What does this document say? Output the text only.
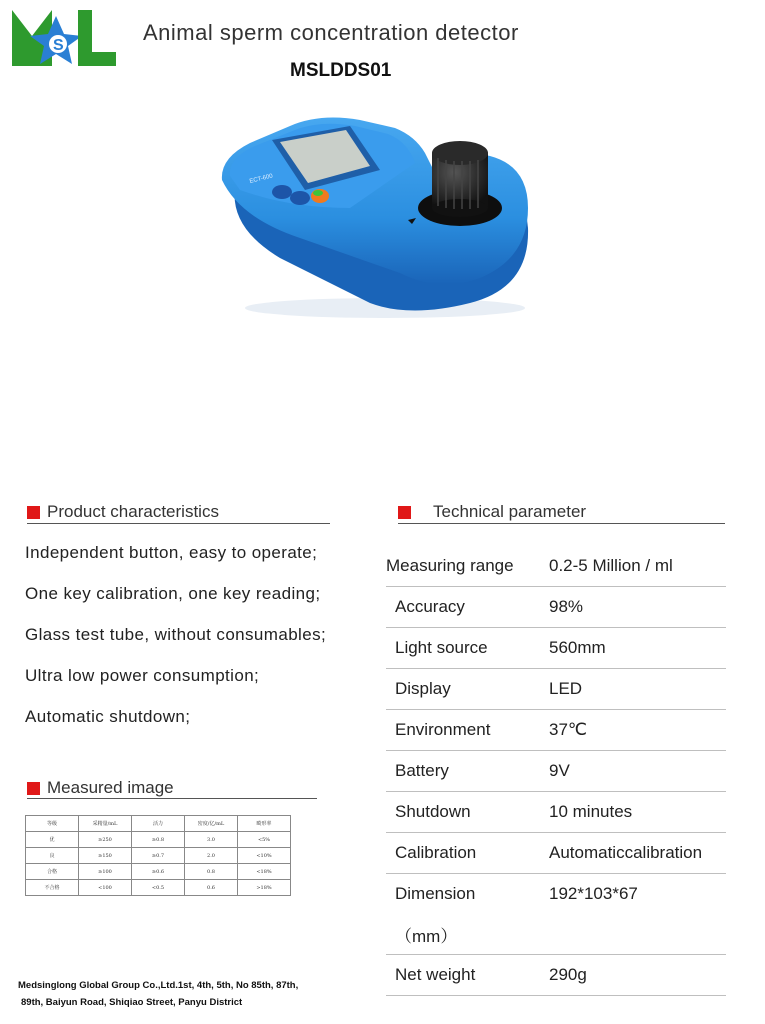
S
Animal sperm concentration detector
MSLDDS01
ECT-600
Product characteristics
Independent button, easy to operate;
One key calibration, one key reading;
Glass test tube, without consumables;
Ultra low power consumption;
Automatic shutdown;
Technical parameter
Measuring range	0.2-5 Million / ml
Accuracy	98%
Light source	560mm
Display	LED
Environment	37℃
Battery	9V
Shutdown	10 minutes
Calibration	Automaticcalibration
Dimension	192*103*67
（mm）	
Net weight	290g
Measured image
等级	采精量/mL	活力	密度/亿/mL	畸形率
优	≥250	≥0.8	3.0	<5%
良	≥150	≥0.7	2.0	<10%
合格	≥100	≥0.6	0.8	<18%
不合格	<100	<0.5	0.6	>18%
Medsinglong Global Group Co.,Ltd.1st, 4th, 5th, No 85th, 87th,
89th, Baiyun Road, Shiqiao Street, Panyu District
